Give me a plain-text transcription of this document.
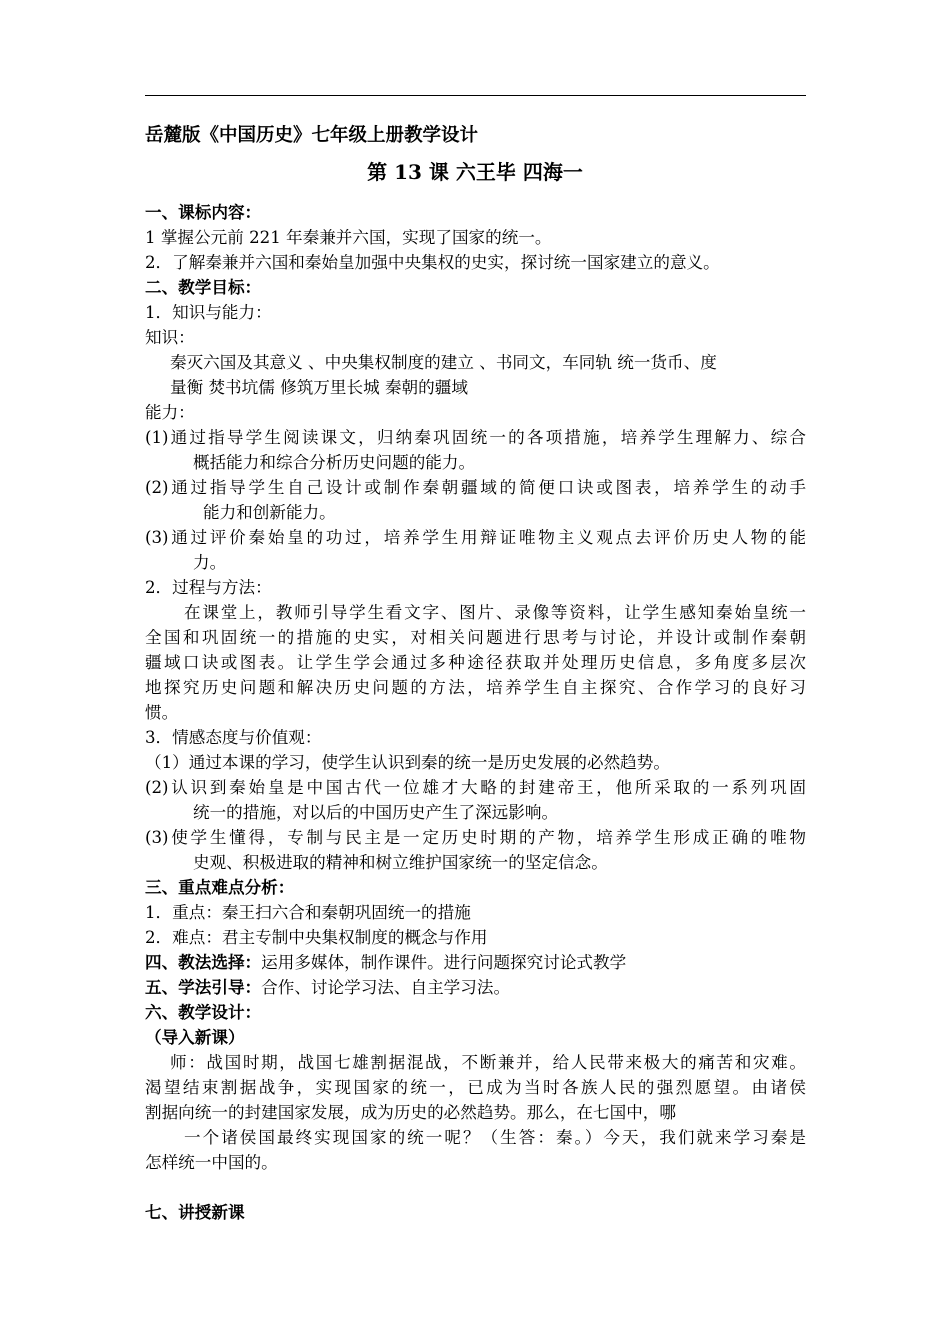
岳麓版《中国历史》七年级上册教学设计
第 13 课 六王毕 四海一
一、课标内容：
1 掌握公元前 221 年秦兼并六国，实现了国家的统一。
2．了解秦兼并六国和秦始皇加强中央集权的史实，探讨统一国家建立的意义。
二、教学目标：
1．知识与能力：
知识：
秦灭六国及其意义 、中央集权制度的建立 、书同文，车同轨 统一货币、度
量衡 焚书坑儒 修筑万里长城 秦朝的疆域
能力：
(1)通过指导学生阅读课文，归纳秦巩固统一的各项措施，培养学生理解力、综合
概括能力和综合分析历史问题的能力。
(2)通过指导学生自己设计或制作秦朝疆域的简便口诀或图表，培养学生的动手
能力和创新能力。
(3)通过评价秦始皇的功过，培养学生用辩证唯物主义观点去评价历史人物的能
力。
2．过程与方法：
在课堂上，教师引导学生看文字、图片、录像等资料，让学生感知秦始皇统一
全国和巩固统一的措施的史实，对相关问题进行思考与讨论，并设计或制作秦朝
疆域口诀或图表。让学生学会通过多种途径获取并处理历史信息，多角度多层次
地探究历史问题和解决历史问题的方法，培养学生自主探究、合作学习的良好习
惯。
3．情感态度与价值观：
（1）通过本课的学习，使学生认识到秦的统一是历史发展的必然趋势。
(2)认识到秦始皇是中国古代一位雄才大略的封建帝王，他所采取的一系列巩固
统一的措施，对以后的中国历史产生了深远影响。
(3)使学生懂得，专制与民主是一定历史时期的产物，培养学生形成正确的唯物
史观、积极进取的精神和树立维护国家统一的坚定信念。
三、重点难点分析：
1．重点：秦王扫六合和秦朝巩固统一的措施
2．难点：君主专制中央集权制度的概念与作用
四、教法选择：运用多媒体，制作课件。进行问题探究讨论式教学
五、学法引导：合作、讨论学习法、自主学习法。
六、教学设计：
（导入新课）
师：战国时期，战国七雄割据混战，不断兼并，给人民带来极大的痛苦和灾难。
渴望结束割据战争，实现国家的统一，已成为当时各族人民的强烈愿望。由诸侯
割据向统一的封建国家发展，成为历史的必然趋势。那么，在七国中，哪
一个诸侯国最终实现国家的统一呢？（生答：秦。）今天，我们就来学习秦是
怎样统一中国的。
七、讲授新课
